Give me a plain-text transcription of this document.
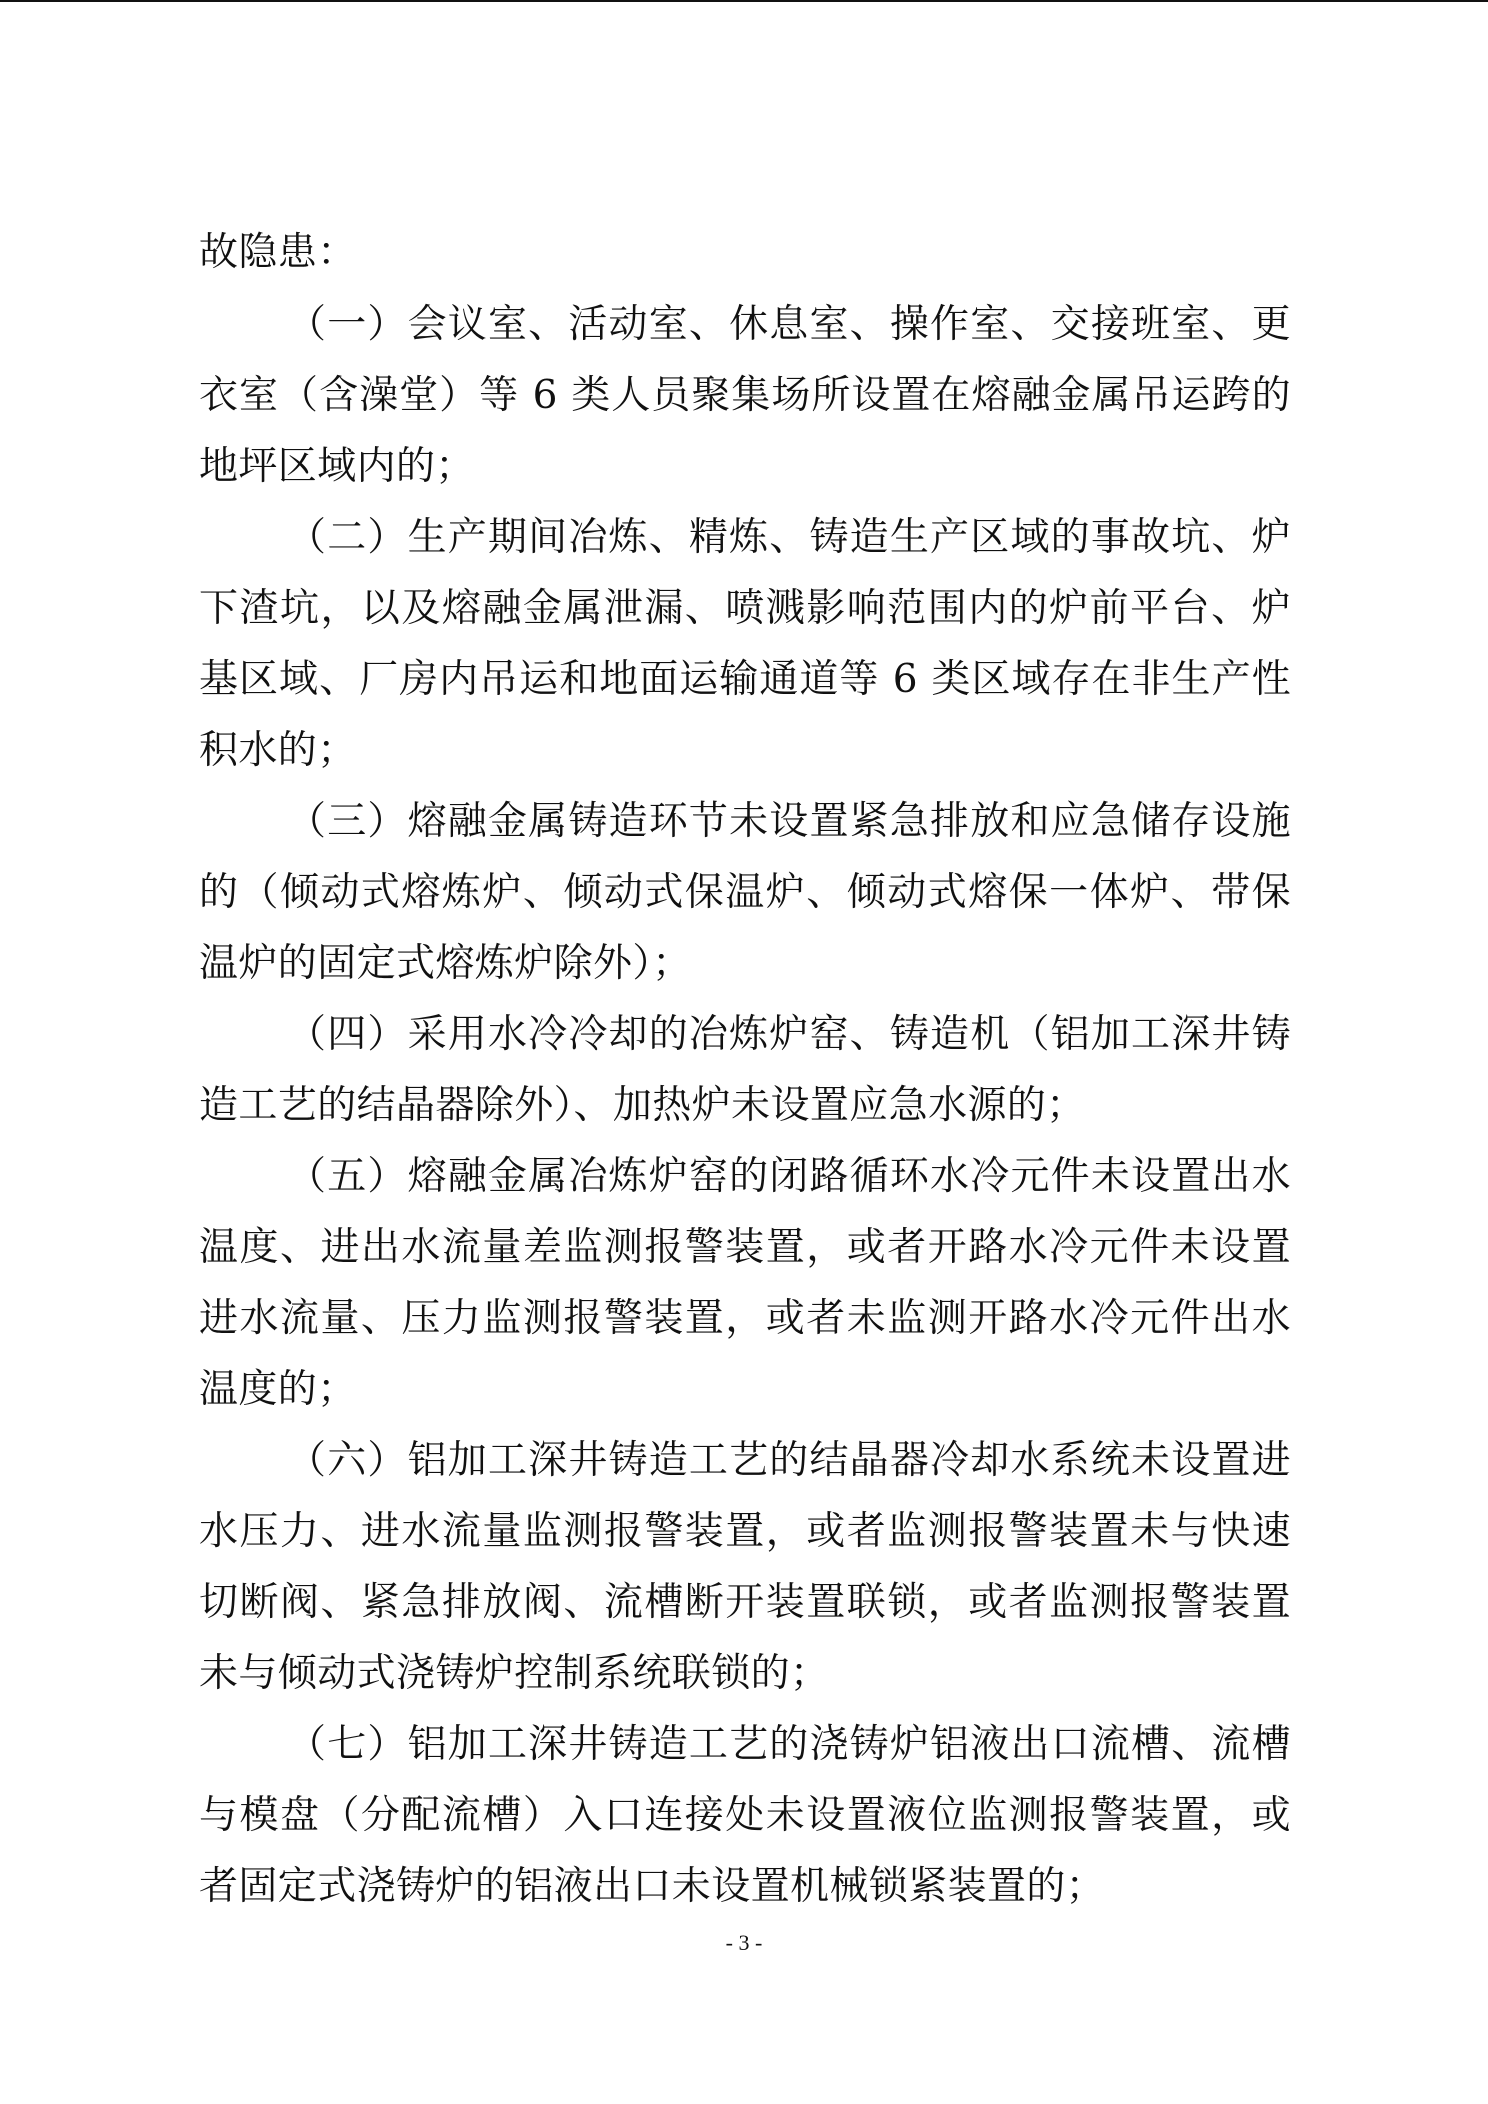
故隐患：

（一）会议室、活动室、休息室、操作室、交接班室、更

衣室（含澡堂）等 6 类人员聚集场所设置在熔融金属吊运跨的

地坪区域内的；

（二）生产期间冶炼、精炼、铸造生产区域的事故坑、炉

下渣坑，以及熔融金属泄漏、喷溅影响范围内的炉前平台、炉

基区域、厂房内吊运和地面运输通道等 6 类区域存在非生产性

积水的；

（三）熔融金属铸造环节未设置紧急排放和应急储存设施

的（倾动式熔炼炉、倾动式保温炉、倾动式熔保一体炉、带保

温炉的固定式熔炼炉除外）；

（四）采用水冷冷却的冶炼炉窑、铸造机（铝加工深井铸

造工艺的结晶器除外）、加热炉未设置应急水源的；

（五）熔融金属冶炼炉窑的闭路循环水冷元件未设置出水

温度、进出水流量差监测报警装置，或者开路水冷元件未设置

进水流量、压力监测报警装置，或者未监测开路水冷元件出水

温度的；

（六）铝加工深井铸造工艺的结晶器冷却水系统未设置进

水压力、进水流量监测报警装置，或者监测报警装置未与快速

切断阀、紧急排放阀、流槽断开装置联锁，或者监测报警装置

未与倾动式浇铸炉控制系统联锁的；

（七）铝加工深井铸造工艺的浇铸炉铝液出口流槽、流槽

与模盘（分配流槽）入口连接处未设置液位监测报警装置，或

者固定式浇铸炉的铝液出口未设置机械锁紧装置的；

- 3 -
